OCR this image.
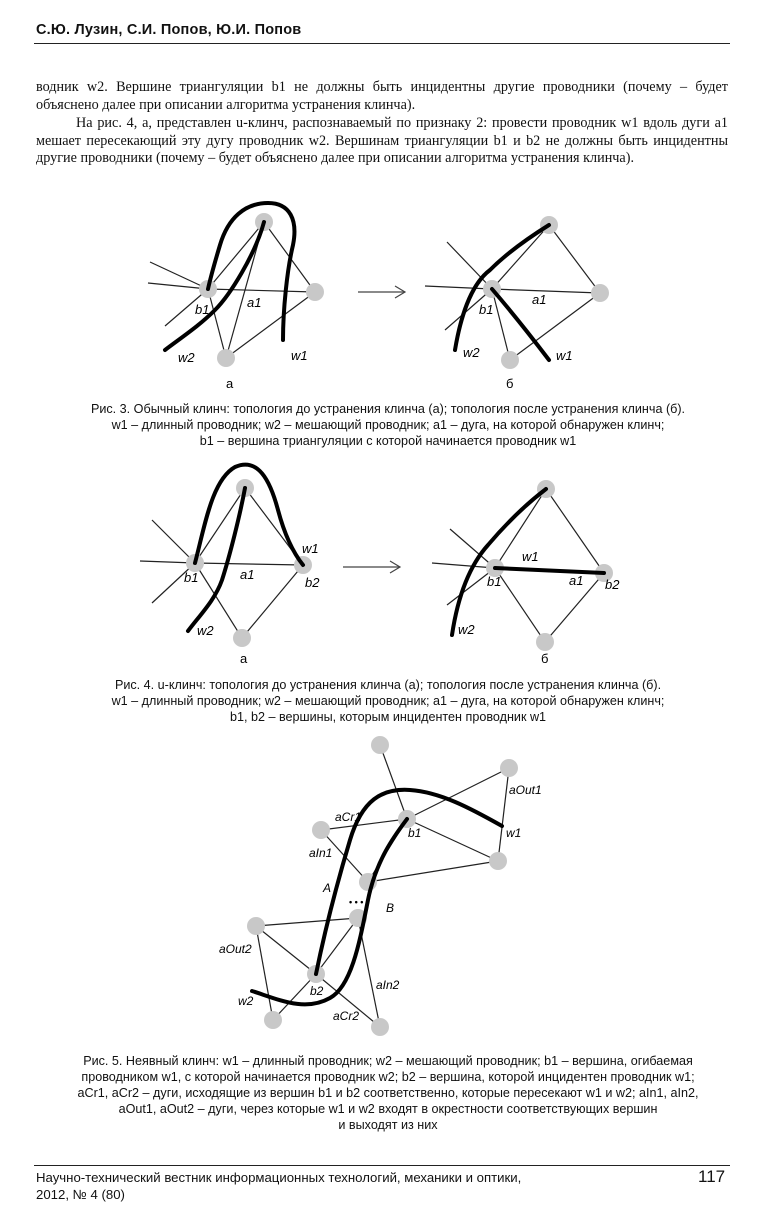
С.Ю. Лузин, С.И. Попов, Ю.И. Попов

водник w2. Вершине триангуляции b1 не должны быть инцидентны другие проводники (почему – будет объяснено далее при описании алгоритма устранения клинча).

На рис. 4, а, представлен u-клинч, распознаваемый по признаку 2: провести проводник w1 вдоль дуги a1 мешает пересекающий эту дугу проводник w2. Вершинам триангуляции b1 и b2 не должны быть инцидентны другие проводники (почему – будет объяснено далее при описании алгоритма устранения клинча).

w2	w1
b1	a1
а
w2	w1
b1
a1
б
Рис. 3. Обычный клинч: топология до устранения клинча (а); топология после устранения клинча (б).
w1 – длинный проводник; w2 – мешающий проводник; a1 – дуга, на которой обнаружен клинч;
b1 – вершина триангуляции с которой начинается проводник w1
w1
w2
b1	a1
b2
а
w1
w2
b1	a1 b2
б
Рис. 4. u-клинч: топология до устранения клинча (а); топология после устранения клинча (б).
w1 – длинный проводник; w2 – мешающий проводник; a1 – дуга, на которой обнаружен клинч;
b1, b2 – вершины, которым инцидентен проводник w1
aOut1
aCr1
w1
aIn1
b1
A
• • • B
aOut2
aIn2
b2
w2
aCr2
Рис. 5. Неявный клинч: w1 – длинный проводник; w2 – мешающий проводник; b1 – вершина, огибаемая
проводником w1, с которой начинается проводник w2; b2 – вершина, которой инцидентен проводник w1;
aCr1, aCr2 – дуги, исходящие из вершин b1 и b2 соответственно, которые пересекают w1 и w2; aIn1, aIn2,
aOut1, aOut2 – дуги, через которые w1 и w2 входят в окрестности соответствующих вершин
и выходят из них
Научно-технический вестник информационных технологий, механики и оптики,
2012, № 4 (80)
117
